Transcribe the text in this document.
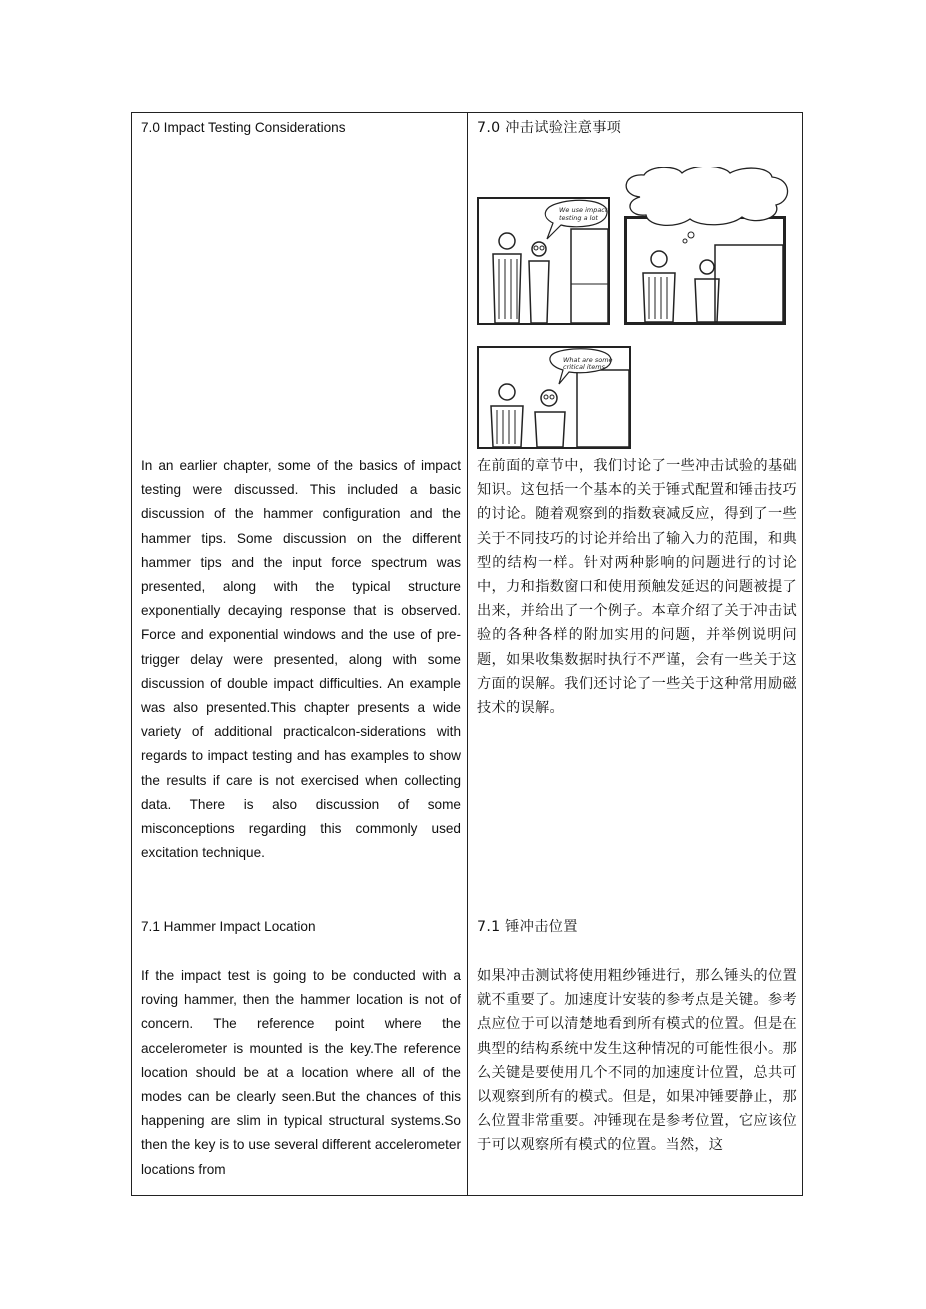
7.0 Impact Testing Considerations

In an earlier chapter, some of the basics of impact testing were discussed. This included a basic discussion of the hammer configuration and the hammer tips. Some discussion on the different hammer tips and the input force spectrum was presented, along with the typical structure exponentially decaying response that is observed. Force and exponential windows and the use of pre-trigger delay were presented, along with some discussion of double impact difficulties. An example was also presented.This chapter presents a wide variety of additional practicalcon-siderations with regards to impact testing and has examples to show the results if care is not exercised when collecting data. There is also discussion of some misconceptions regarding this commonly used excitation technique.

7.1 Hammer Impact Location

If the impact test is going to be conducted with a roving hammer, then the hammer location is not of concern. The reference point where the accelerometer is mounted is the key.The reference location should be at a location where all of the modes can be clearly seen.But the chances of this happening are slim in typical structural systems.So then the key is to use several different accelerometer locations from

7.0 冲击试验注意事项

We use impact
testing a lot
What are some
critical items

在前面的章节中，我们讨论了一些冲击试验的基础知识。这包括一个基本的关于锤式配置和锤击技巧的讨论。随着观察到的指数衰减反应，得到了一些关于不同技巧的讨论并给出了输入力的范围，和典型的结构一样。针对两种影响的问题进行的讨论中，力和指数窗口和使用预触发延迟的问题被提了出来，并给出了一个例子。本章介绍了关于冲击试验的各种各样的附加实用的问题，并举例说明问题，如果收集数据时执行不严谨，会有一些关于这方面的误解。我们还讨论了一些关于这种常用励磁技术的误解。

7.1 锤冲击位置

如果冲击测试将使用粗纱锤进行，那么锤头的位置就不重要了。加速度计安装的参考点是关键。参考点应位于可以清楚地看到所有模式的位置。但是在典型的结构系统中发生这种情况的可能性很小。那么关键是要使用几个不同的加速度计位置，总共可以观察到所有的模式。但是，如果冲锤要静止，那么位置非常重要。冲锤现在是参考位置，它应该位于可以观察所有模式的位置。当然，这
